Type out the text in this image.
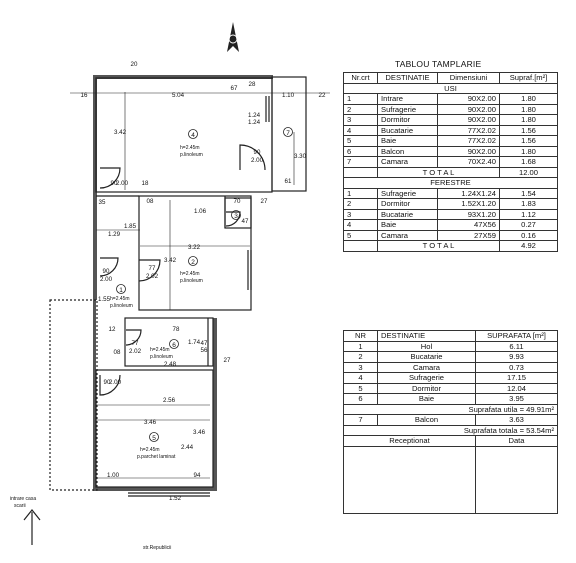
4	7
2
3
1
6
5
h=2.45m
p.linoleum
h=2.45m
p.linoleum
h=2.45m
p.linoleum
h=2.45m
p.linoleum
h=2.45m
p.parchet laminat
intrare casa
scarii
str.Republicii
20
16	5.04
67
28
1.10	22
3.42
1.24
1.24
90
2.00
3.30
61
90
2.00 18
35	08
1.06
70	27
47
1.85
1.29
3.22
77
2.02
3.42
90
2.00
1.55
12	78
77
2.02
1.74 47
56
27
2.48
08
90
2.00
2.56
3.46
3.46
2.44
1.00	94
1.52
TABLOU TAMPLARIE
Nr.crt	DESTINATIE	Dimensiuni	Supraf.[m²]
USI			
1	Intrare	90X2.00	1.80
2	Sufragerie	90X2.00	1.80
3	Dormitor	90X2.00	1.80
4	Bucatarie	77X2.02	1.56
5	Baie	77X2.02	1.56
6	Balcon	90X2.00	1.80
7	Camara	70X2.40	1.68
	T O T A L		12.00
FERESTRE			
1	Sufragerie	1.24X1.24	1.54
2	Dormitor	1.52X1.20	1.83
3	Bucatarie	93X1.20	1.12
4	Baie	47X56	0.27
5	Camara	27X59	0.16
	T O T A L		4.92
NR	DESTINATIE	SUPRAFATA [m²]
1	Hol	6.11
2	Bucatarie	9.93
3	Camara	0.73
4	Sufragerie	17.15
5	Dormitor	12.04
6	Baie	3.95
Suprafata utila = 49.91m²		
7	Balcon	3.63
Suprafata totala = 53.54m²		
Receptionat		Data
